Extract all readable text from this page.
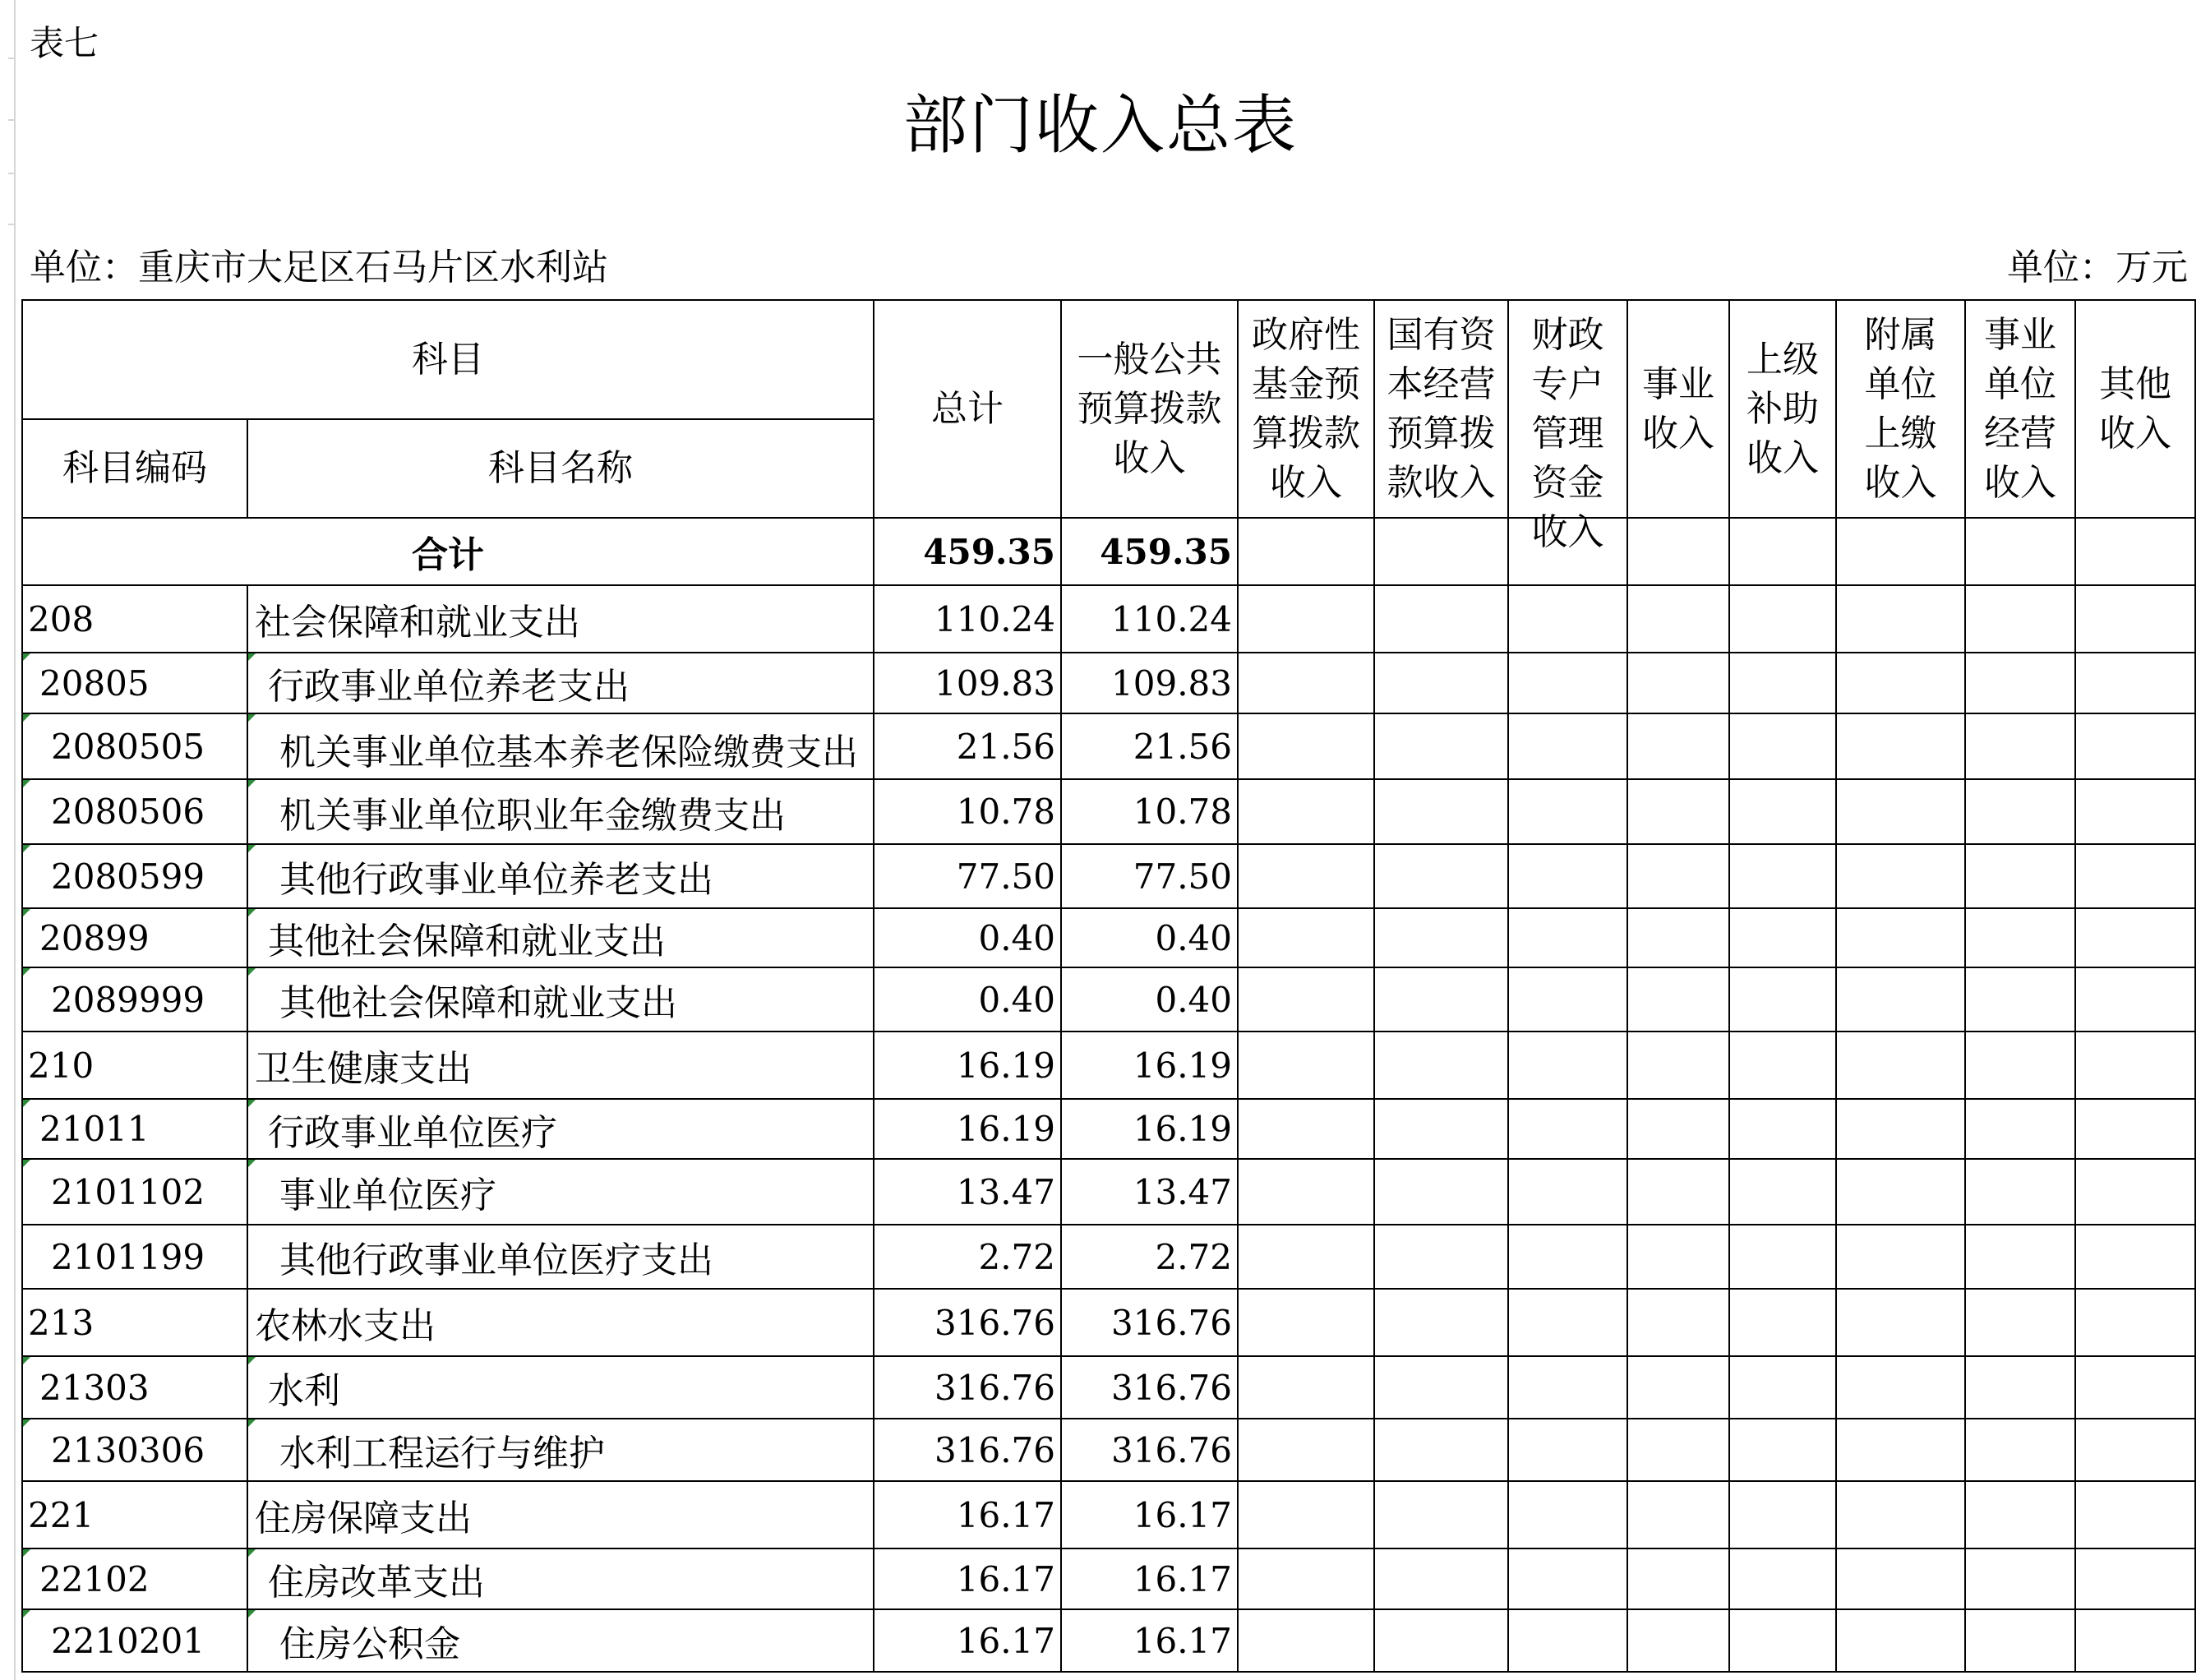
表七
部门收入总表
单位：重庆市大足区石马片区水利站	单位：万元
科目		总计	一般公共预算拨款收入	政府性基金预算拨款收入	国有资本经营预算拨款收入	财政专户管理资金收入	事业收入	上级补助收入	附属单位上缴收入	事业单位经营收入	其他收入
科目编码	科目名称										
合计		459.35	459.35								
208	社会保障和就业支出	110.24	110.24								
20805	行政事业单位养老支出	109.83	109.83								
2080505	机关事业单位基本养老保险缴费支出	21.56	21.56								
2080506	机关事业单位职业年金缴费支出	10.78	10.78								
2080599	其他行政事业单位养老支出	77.50	77.50								
20899	其他社会保障和就业支出	0.40	0.40								
2089999	其他社会保障和就业支出	0.40	0.40								
210	卫生健康支出	16.19	16.19								
21011	行政事业单位医疗	16.19	16.19								
2101102	事业单位医疗	13.47	13.47								
2101199	其他行政事业单位医疗支出	2.72	2.72								
213	农林水支出	316.76	316.76								
21303	水利	316.76	316.76								
2130306	水利工程运行与维护	316.76	316.76								
221	住房保障支出	16.17	16.17								
22102	住房改革支出	16.17	16.17								
2210201	住房公积金	16.17	16.17								
